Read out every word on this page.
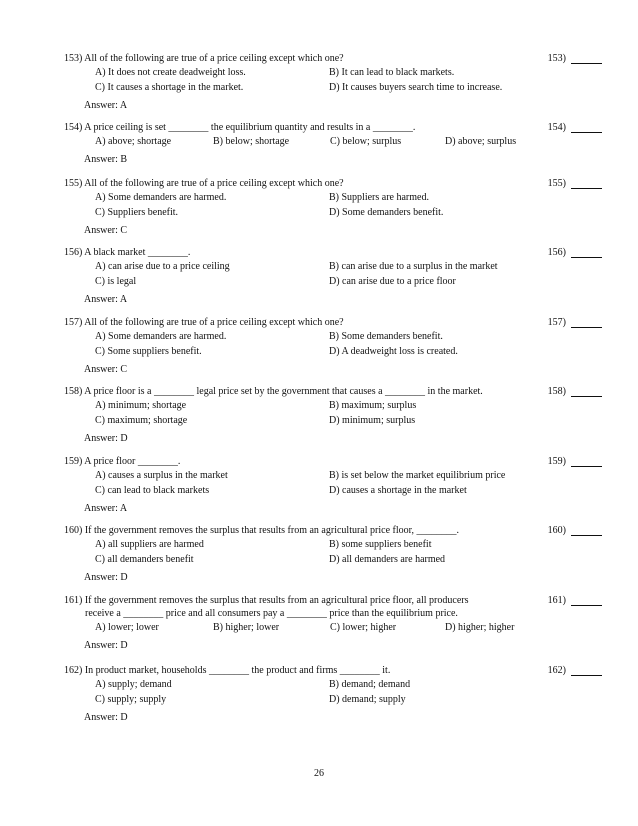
153) All of the following are true of a price ceiling except which one?	153)
A) It does not create deadweight loss.	B) It can lead to black markets.
C) It causes a shortage in the market.	D) It causes buyers search time to increase.
Answer: A
154) A price ceiling is set ________ the equilibrium quantity and results in a ________.	154)
A) above; shortage	B) below; shortage	C) below; surplus	D) above; surplus
Answer: B
155) All of the following are true of a price ceiling except which one?	155)
A) Some demanders are harmed.	B) Suppliers are harmed.
C) Suppliers benefit.	D) Some demanders benefit.
Answer: C
156) A black market ________.	156)
A) can arise due to a price ceiling	B) can arise due to a surplus in the market
C) is legal	D) can arise due to a price floor
Answer: A
157) All of the following are true of a price ceiling except which one?	157)
A) Some demanders are harmed.	B) Some demanders benefit.
C) Some suppliers benefit.	D) A deadweight loss is created.
Answer: C
158) A price floor is a ________ legal price set by the government that causes a ________ in the market.	158)
A) minimum; shortage	B) maximum; surplus
C) maximum; shortage	D) minimum; surplus
Answer: D
159) A price floor ________.	159)
A) causes a surplus in the market	B) is set below the market equilibrium price
C) can lead to black markets	D) causes a shortage in the market
Answer: A
160) If the government removes the surplus that results from an agricultural price floor, ________.	160)
A) all suppliers are harmed	B) some suppliers benefit
C) all demanders benefit	D) all demanders are harmed
Answer: D
161) If the government removes the surplus that results from an agricultural price floor, all producers	161)
receive a ________ price and all consumers pay a ________ price than the equilibrium price.
A) lower; lower	B) higher; lower	C) lower; higher	D) higher; higher
Answer: D
162) In product market, households ________ the product and firms ________ it.	162)
A) supply; demand	B) demand; demand
C) supply; supply	D) demand; supply
Answer: D
26
